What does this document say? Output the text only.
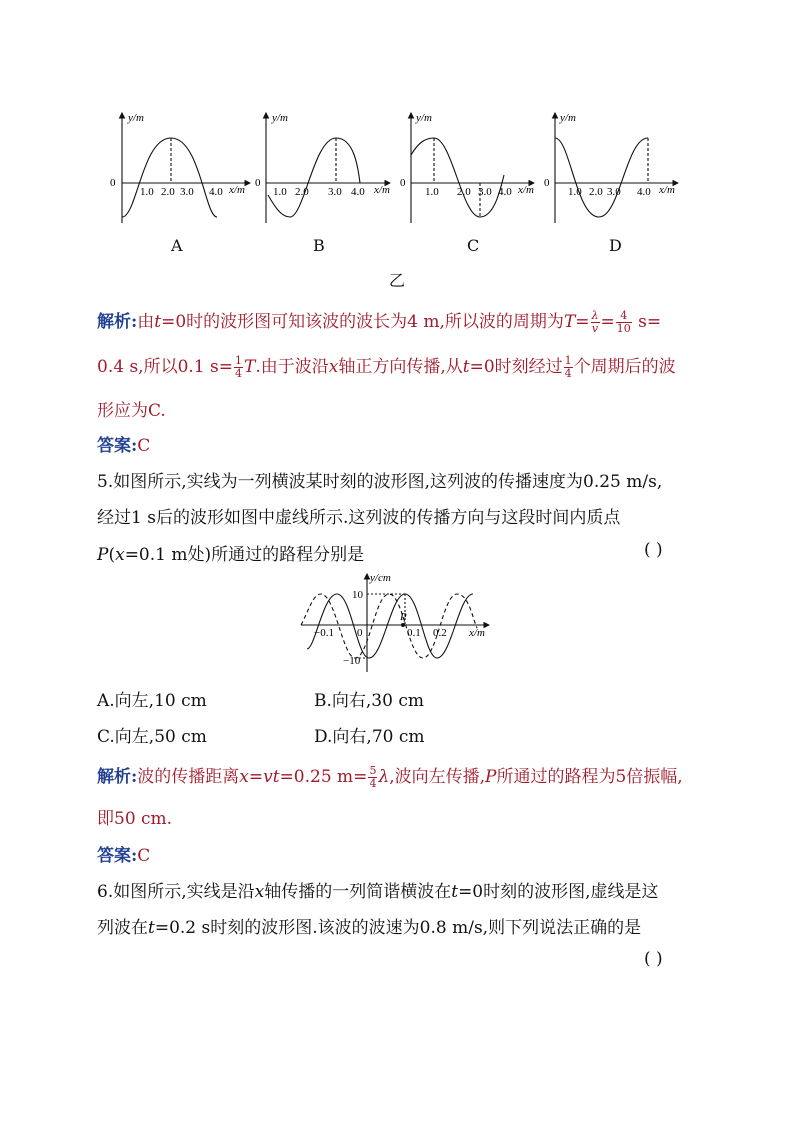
y/m
0
1.0 2.0 3.0 4.0 x/m
0
1.0 2.0 3.0 4.0 x/m
0
1.0 2.0 3.0 4.0 x/m
y/m
0
1.0 2.0 3.0 4.0 x/m
y/m	y/m
A	B	C	D
乙
解析:由t=0时的波形图可知该波的波长为4 m,所以波的周期为$T= \frac{\lambda}{v} = \frac{4}{10} s=$
0.4 s,所以0.1 $s= \frac{1}{4} T$.由于波沿x轴正方向传播,从t=0时刻经过 $\frac{1}{4}$ 个周期后的波
形应为C.
答案:C
5.如图所示,实线为一列横波某时刻的波形图,这列波的传播速度为0.25 m/s,
经过1 s后的波形如图中虚线所示.这列波的传播方向与这段时间内质点
P(x=0.1 m处)所通过的路程分别是	( )
y/cm
10
−10
−0.1 0	0.1 0.2
P
x/m
A.向左,10 cm	B.向右,30 cm
C.向左,50 cm	D.向右,70 cm
解析:波的传播距离x=vt=0.25 $m= \frac{5}{4} \lambda$,波向左传播,P所通过的路程为5倍振幅,
即50 cm.
答案:C
6.如图所示,实线是沿x轴传播的一列简谐横波在t=0时刻的波形图,虚线是这
列波在t=0.2 s时刻的波形图.该波的波速为0.8 m/s,则下列说法正确的是
( )
